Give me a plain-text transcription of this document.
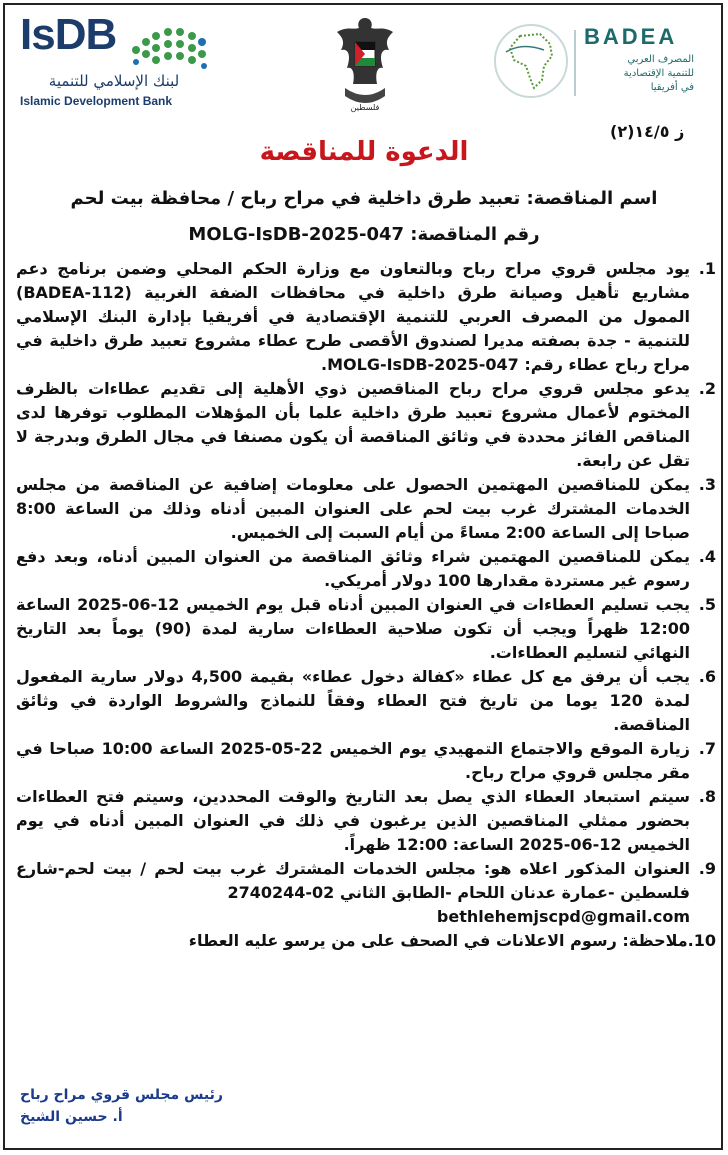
IsDB
لبنك الإسلامي للتنمية
Islamic Development Bank	فلسطين
BADEA
المصرف العربي
للتنمية الإقتصادية
في أفريقيا
ز ١٤/٥(٢)
الدعوة للمناقصة
اسم المناقصة: تعبيد طرق داخلية في مراح رباح / محافظة بيت لحم
رقم المناقصة: MOLG-IsDB-2025-047
1.
يود مجلس قروي مراح رباح وبالتعاون مع وزارة الحكم المحلي وضمن برنامج دعم مشاريع تأهيل وصيانة طرق داخلية في محافظات الضفة الغربية (BADEA-112) الممول من المصرف العربي للتنمية الإقتصادية في أفريقيا بإدارة البنك الإسلامي للتنمية - جدة بصفته مديرا لصندوق الأقصى طرح عطاء مشروع تعبيد طرق داخلية في مراح رباح عطاء رقم: MOLG-IsDB-2025-047.
2.
يدعو مجلس قروي مراح رباح المناقصين ذوي الأهلية إلى تقديم عطاءات بالظرف المختوم لأعمال مشروع تعبيد طرق داخلية علما بأن المؤهلات المطلوب توفرها لدى المناقص الفائز محددة في وثائق المناقصة أن يكون مصنفا في مجال الطرق وبدرجة لا تقل عن رابعة.
3.
يمكن للمناقصين المهتمين الحصول على معلومات إضافية عن المناقصة من مجلس الخدمات المشترك غرب بيت لحم على العنوان المبين أدناه وذلك من الساعة 8:00 صباحا إلى الساعة 2:00 مساءً من أيام السبت إلى الخميس.
4.
يمكن للمناقصين المهتمين شراء وثائق المناقصة من العنوان المبين أدناه، وبعد دفع رسوم غير مستردة مقدارها 100 دولار أمريكي.
5.
يجب تسليم العطاءات في العنوان المبين أدناه قبل يوم الخميس 12-06-2025 الساعة 12:00 ظهراً ويجب أن تكون صلاحية العطاءات سارية لمدة (90) يوماً بعد التاريخ النهائي لتسليم العطاءات.
6.
يجب أن يرفق مع كل عطاء «كفالة دخول عطاء» بقيمة 4,500 دولار سارية المفعول لمدة 120 يوما من تاريخ فتح العطاء وفقاً للنماذج والشروط الواردة في وثائق المناقصة.
7.
زيارة الموقع والاجتماع التمهيدي يوم الخميس 22-05-2025 الساعة 10:00 صباحا في مقر مجلس قروي مراح رباح.
8.
سيتم استبعاد العطاء الذي يصل بعد التاريخ والوقت المحددين، وسيتم فتح العطاءات بحضور ممثلي المناقصين الذين يرغبون في ذلك في العنوان المبين أدناه في يوم الخميس 12-06-2025 الساعة: 12:00 ظهراً.
9.
العنوان المذكور اعلاه هو: مجلس الخدمات المشترك غرب بيت لحم / بيت لحم-شارع فلسطين -عمارة عدنان اللحام -الطابق الثاني 02-2740244
bethlehemjscpd@gmail.com
10.
ملاحظة: رسوم الاعلانات في الصحف على من يرسو عليه العطاء
رئيس مجلس قروي مراح رباح
أ. حسين الشيخ
